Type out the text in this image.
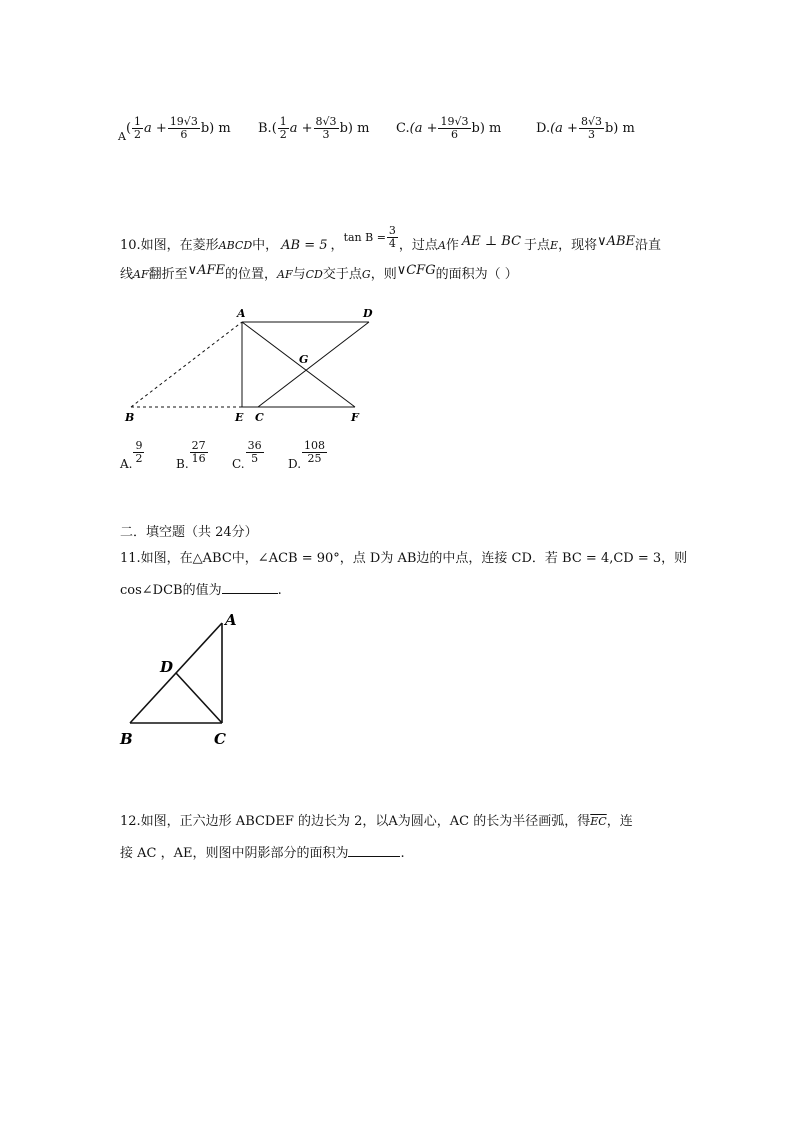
$_A( \frac{1}{2}$ $a + \frac{19√3}{6} b$) m $B.( \frac{1}{2}$ $a + \frac{8√3}{3} b$) m $C.(a + \frac{19√3}{6} b)$ m	$D.(a + \frac{8√3}{3} b)$ m
10.如图，在菱形ABCD中， AB = 5 ，$\tan B = \frac{3}{4}$ ，过点A作 AE ⊥ BC 于点E，现将∨ABE沿直
线AF翻折至∨AFE的位置，AF与CD交于点G，则∨CFG的面积为（ ）
A	D
G
B	E C	F
A. $\frac{9}{2}$	B. $\frac{27}{16} C$. $\frac{36}{5} D$. $\frac{108}{25}$
二．填空题（共 24分）
11.如图，在△ABC中，∠ACB = 90°，点 D为 AB边的中点，连接 CD．若 BC = 4,CD = 3，则
cos∠DCB的值为	.
A
D
B	C
12.如图，正六边形 ABCDEF 的边长为 2，以A为圆心，AC 的长为半径画弧，得$\overline{EC}$，连
接 AC ，AE，则图中阴影部分的面积为	.
